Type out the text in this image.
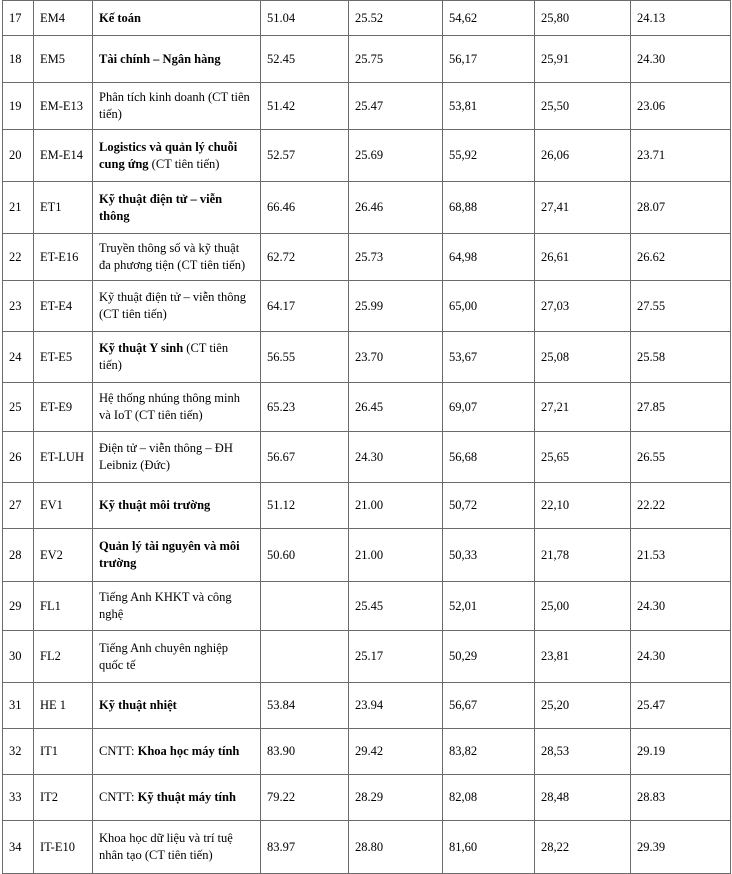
17	EM4	Kế toán	51.04	25.52	54,62	25,80	24.13
18	EM5	Tài chính – Ngân hàng	52.45	25.75	56,17	25,91	24.30
19	EM-E13	Phân tích kinh doanh (CT tiên tiến)	51.42	25.47	53,81	25,50	23.06
20	EM-E14	Logistics và quản lý chuỗi cung ứng (CT tiên tiến)	52.57	25.69	55,92	26,06	23.71
21	ET1	Kỹ thuật điện tử – viễn thông	66.46	26.46	68,88	27,41	28.07
22	ET-E16	Truyền thông số và kỹ thuật đa phương tiện (CT tiên tiến)	62.72	25.73	64,98	26,61	26.62
23	ET-E4	Kỹ thuật điện tử – viễn thông (CT tiên tiến)	64.17	25.99	65,00	27,03	27.55
24	ET-E5	Kỹ thuật Y sinh (CT tiên tiến)	56.55	23.70	53,67	25,08	25.58
25	ET-E9	Hệ thống nhúng thông minh và IoT (CT tiên tiến)	65.23	26.45	69,07	27,21	27.85
26	ET-LUH	Điện tử – viễn thông – ĐH Leibniz (Đức)	56.67	24.30	56,68	25,65	26.55
27	EV1	Kỹ thuật môi trường	51.12	21.00	50,72	22,10	22.22
28	EV2	Quản lý tài nguyên và môi trường	50.60	21.00	50,33	21,78	21.53
29	FL1	Tiếng Anh KHKT và công nghệ		25.45	52,01	25,00	24.30
30	FL2	Tiếng Anh chuyên nghiệp quốc tế		25.17	50,29	23,81	24.30
31	HE 1	Kỹ thuật nhiệt	53.84	23.94	56,67	25,20	25.47
32	IT1	CNTT: Khoa học máy tính	83.90	29.42	83,82	28,53	29.19
33	IT2	CNTT: Kỹ thuật máy tính	79.22	28.29	82,08	28,48	28.83
34	IT-E10	Khoa học dữ liệu và trí tuệ nhân tạo (CT tiên tiến)	83.97	28.80	81,60	28,22	29.39
